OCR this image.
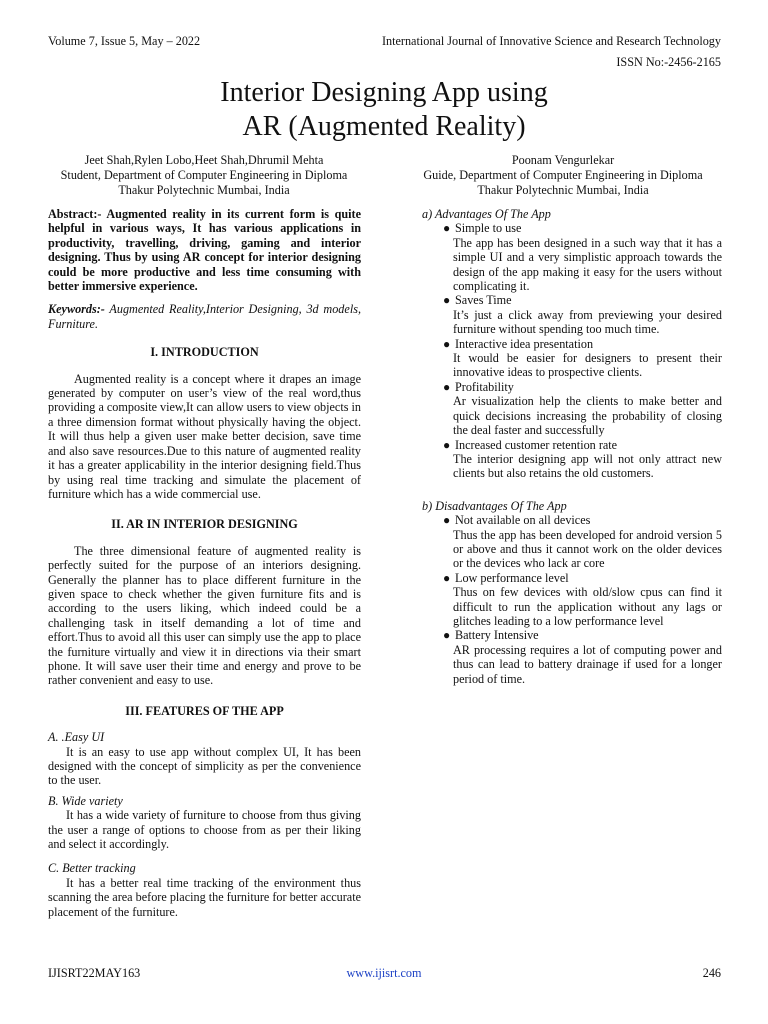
Volume 7, Issue 5, May – 2022	International Journal of Innovative Science and Research Technology
ISSN No:-2456-2165
Interior Designing App using
AR (Augmented Reality)
Jeet Shah,Rylen Lobo,Heet Shah,Dhrumil Mehta
Student, Department of Computer Engineering in Diploma
Thakur Polytechnic Mumbai, India
Poonam Vengurlekar
Guide, Department of Computer Engineering in Diploma
Thakur Polytechnic Mumbai, India

Abstract:- Augmented reality in its current form is quite helpful in various ways, It has various applications in productivity, travelling, driving, gaming and interior designing. Thus by using AR concept for interior designing could be more productive and less time consuming with better immersive experience.

Keywords:- Augmented Reality,Interior Designing, 3d models, Furniture.

I. INTRODUCTION

Augmented reality is a concept where it drapes an image generated by computer on user’s view of the real word,thus providing a composite view,It can allow users to view objects in a three dimension format without physically having the object. It will thus help a given user make better decision, save time and also save resources.Due to this nature of augmented reality it has a greater applicability in the interior designing field.Thus by using real time tracking and simulate the placement of furniture which has a wide commercial use.

II. AR IN INTERIOR DESIGNING

The three dimensional feature of augmented reality is perfectly suited for the purpose of an interiors designing. Generally the planner has to place different furniture in the given space to check whether the given furniture fits and is according to the users liking, which indeed could be a challenging task in itself demanding a lot of time and effort.Thus to avoid all this user can simply use the app to place the furniture virtually and view it in directions via their smart phone. It will save user their time and energy and prove to be rather convenient and easy to use.

III. FEATURES OF THE APP

A. .Easy UI

It is an easy to use app without complex UI, It has been designed with the concept of simplicity as per the convenience to the user.

B. Wide variety

It has a wide variety of furniture to choose from thus giving the user a range of options to choose from as per their liking and select it accordingly.

C. Better tracking

It has a better real time tracking of the environment thus scanning the area before placing the furniture for better accurate placement of the furniture.

a) Advantages Of The App

● Simple to use

The app has been designed in a such way that it has a simple UI and a very simplistic approach towards the design of the app making it easy for the users without complicating it.

● Saves Time

It’s just a click away from previewing your desired furniture without spending too much time.

● Interactive idea presentation

It would be easier for designers to present their innovative ideas to prospective clients.

● Profitability

Ar visualization help the clients to make better and quick decisions increasing the probability of closing the deal faster and successfully

● Increased customer retention rate

The interior designing app will not only attract new clients but also retains the old customers.

b) Disadvantages Of The App

● Not available on all devices

Thus the app has been developed for android version 5 or above and thus it cannot work on the older devices or the devices who lack ar core

● Low performance level

Thus on few devices with old/slow cpus can find it difficult to run the application without any lags or glitches leading to a low performance level

● Battery Intensive

AR processing requires a lot of computing power and thus can lead to battery drainage if used for a longer period of time.

IJISRT22MAY163	www.ijisrt.com	246
